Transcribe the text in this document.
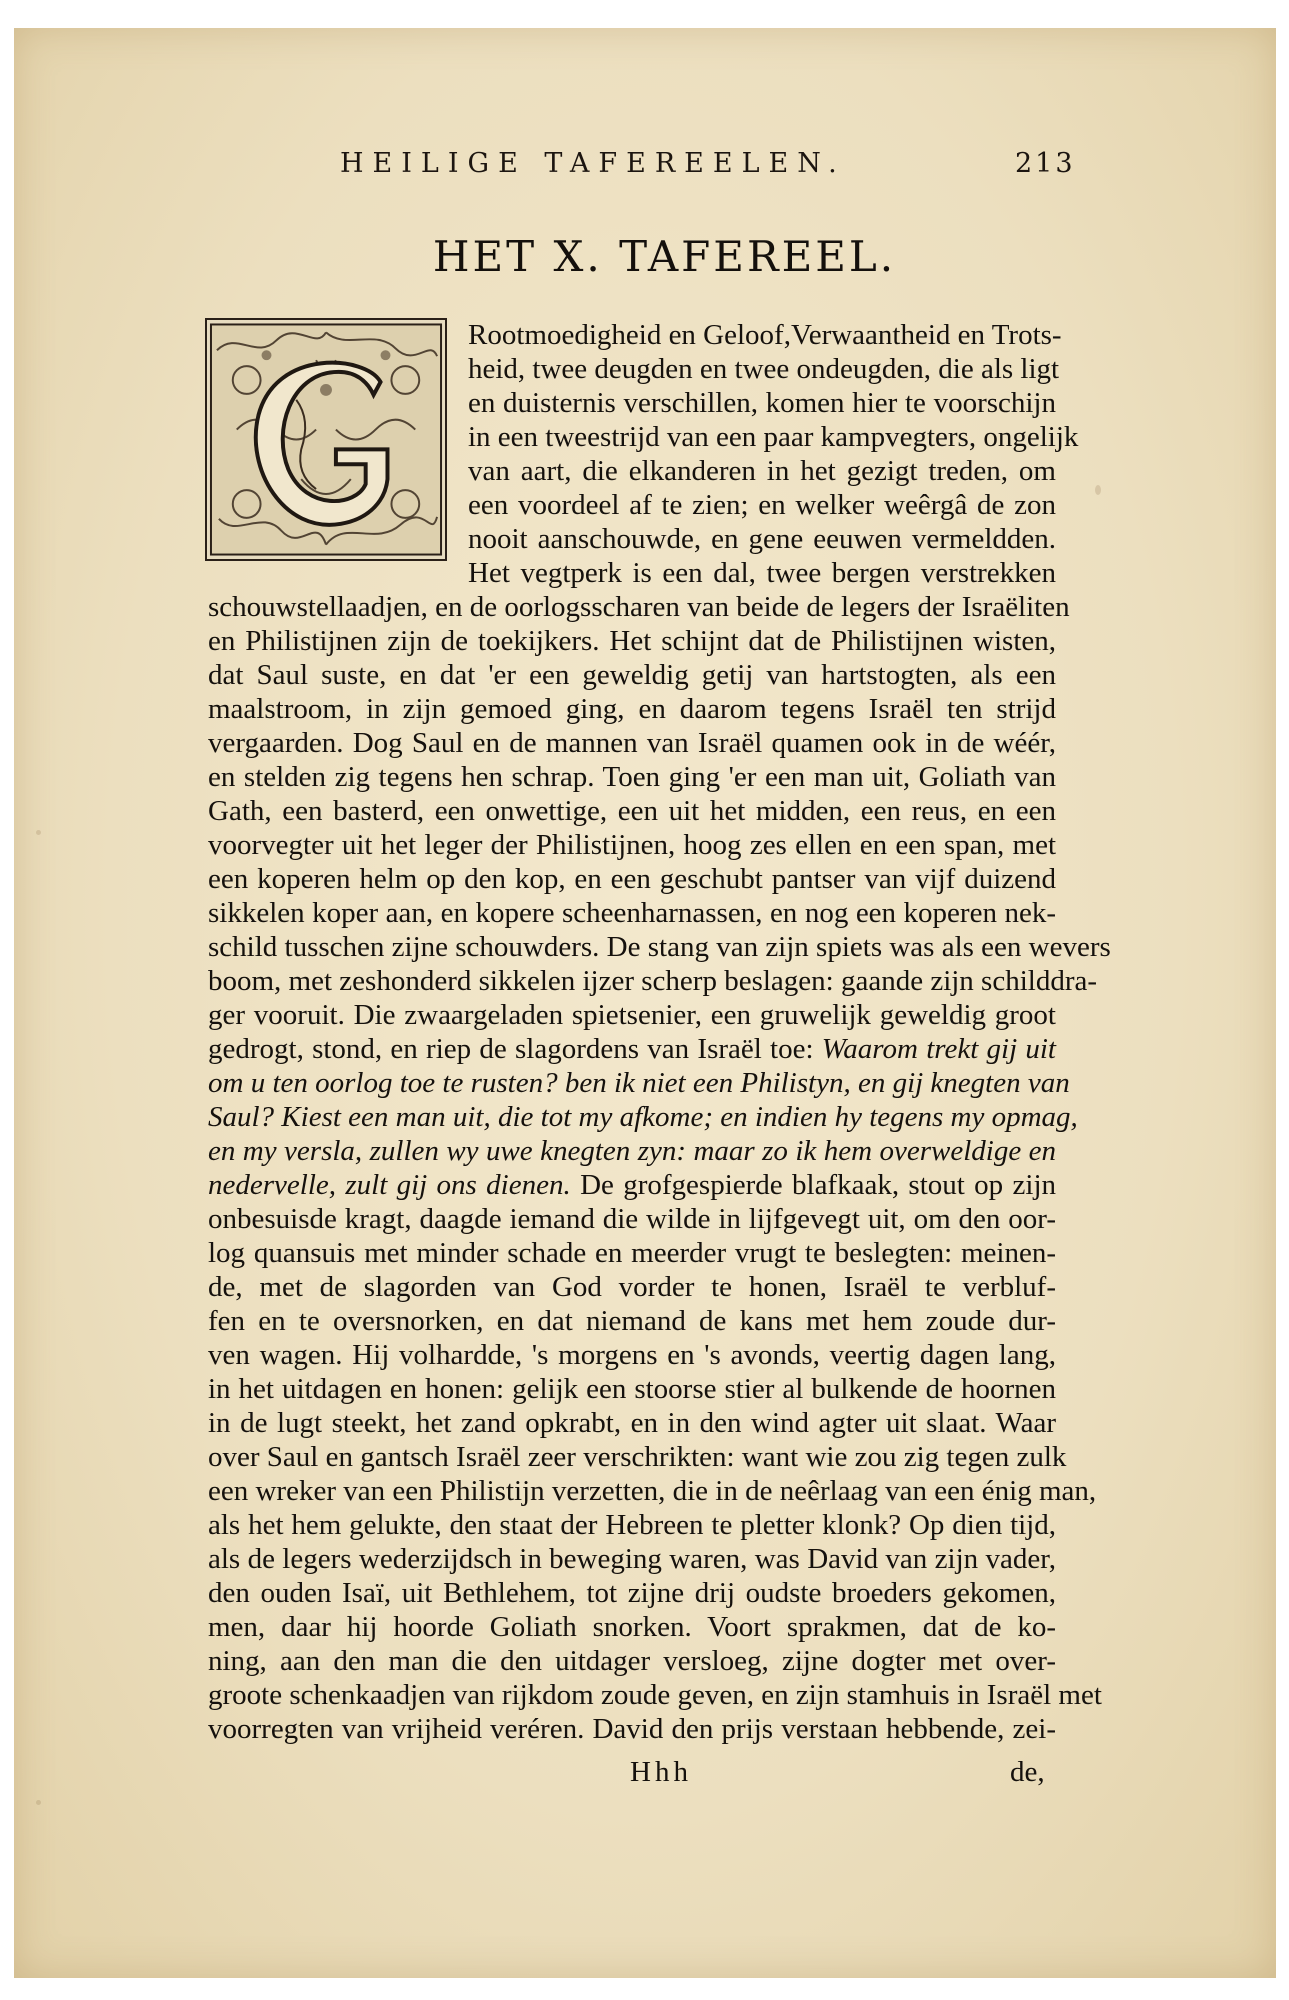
HEILIGE TAFEREELEN.	213
HET X. TAFEREEL.
Rootmoedigheid en Geloof,Verwaantheid en Trots-
heid, twee deugden en twee ondeugden, die als ligt
en duisternis verschillen, komen hier te voorschijn
in een tweestrijd van een paar kampvegters, ongelijk
van aart, die elkanderen in het gezigt treden, om
een voordeel af te zien; en welker weêrgâ de zon
nooit aanschouwde, en gene eeuwen vermeldden.
Het vegtperk is een dal, twee bergen verstrekken
schouwstellaadjen, en de oorlogsscharen van beide de legers der Israëliten
en Philistijnen zijn de toekijkers. Het schijnt dat de Philistijnen wisten,
dat Saul suste, en dat 'er een geweldig getij van hartstogten, als een
maalstroom, in zijn gemoed ging, en daarom tegens Israël ten strijd
vergaarden. Dog Saul en de mannen van Israël quamen ook in de wéér,
en stelden zig tegens hen schrap. Toen ging 'er een man uit, Goliath van
Gath, een basterd, een onwettige, een uit het midden, een reus, en een
voorvegter uit het leger der Philistijnen, hoog zes ellen en een span, met
een koperen helm op den kop, en een geschubt pantser van vijf duizend
sikkelen koper aan, en kopere scheenharnassen, en nog een koperen nek-
schild tusschen zijne schouwders. De stang van zijn spiets was als een wevers
boom, met zeshonderd sikkelen ijzer scherp beslagen: gaande zijn schilddra-
ger vooruit. Die zwaargeladen spietsenier, een gruwelijk geweldig groot
gedrogt, stond, en riep de slagordens van Israël toe: Waarom trekt gij uit
om u ten oorlog toe te rusten? ben ik niet een Philistyn, en gij knegten van
Saul? Kiest een man uit, die tot my afkome; en indien hy tegens my opmag,
en my versla, zullen wy uwe knegten zyn: maar zo ik hem overweldige en
nedervelle, zult gij ons dienen. De grofgespierde blafkaak, stout op zijn
onbesuisde kragt, daagde iemand die wilde in lijfgevegt uit, om den oor-
log quansuis met minder schade en meerder vrugt te beslegten: meinen-
de, met de slagorden van God vorder te honen, Israël te verbluf-
fen en te oversnorken, en dat niemand de kans met hem zoude dur-
ven wagen. Hij volhardde, 's morgens en 's avonds, veertig dagen lang,
in het uitdagen en honen: gelijk een stoorse stier al bulkende de hoornen
in de lugt steekt, het zand opkrabt, en in den wind agter uit slaat. Waar
over Saul en gantsch Israël zeer verschrikten: want wie zou zig tegen zulk
een wreker van een Philistijn verzetten, die in de neêrlaag van een énig man,
als het hem gelukte, den staat der Hebreen te pletter klonk? Op dien tijd,
als de legers wederzijdsch in beweging waren, was David van zijn vader,
den ouden Isaï, uit Bethlehem, tot zijne drij oudste broeders gekomen,
men, daar hij hoorde Goliath snorken. Voort sprakmen, dat de ko-
ning, aan den man die den uitdager versloeg, zijne dogter met over-
groote schenkaadjen van rijkdom zoude geven, en zijn stamhuis in Israël met
voorregten van vrijheid veréren. David den prijs verstaan hebbende, zei-
Hhh	de,
